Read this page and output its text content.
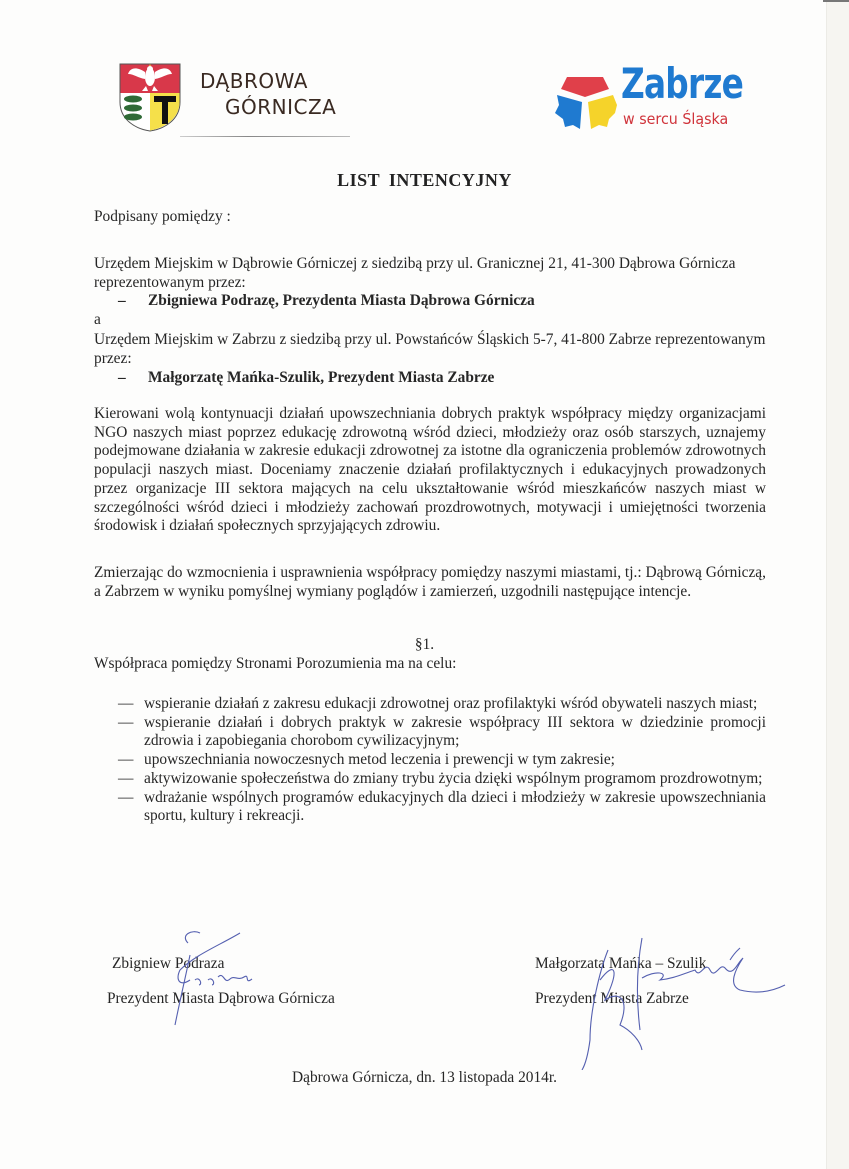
DĄBROWA
GÓRNICZA	Zabrze
w sercu Śląska
LIST INTENCYJNY
Podpisany pomiędzy :
Urzędem Miejskim w Dąbrowie Górniczej z siedzibą przy ul. Granicznej 21, 41-300 Dąbrowa Górnicza reprezentowanym przez:
– Zbigniewa Podrazę, Prezydenta Miasta Dąbrowa Górnicza
a
Urzędem Miejskim w Zabrzu z siedzibą przy ul. Powstańców Śląskich 5-7, 41-800 Zabrze reprezentowanym przez:
– Małgorzatę Mańka-Szulik, Prezydent Miasta Zabrze
Kierowani wolą kontynuacji działań upowszechniania dobrych praktyk współpracy między organizacjami NGO naszych miast poprzez edukację zdrowotną wśród dzieci, młodzieży oraz osób starszych, uznajemy podejmowane działania w zakresie edukacji zdrowotnej za istotne dla ograniczenia problemów zdrowotnych populacji naszych miast. Doceniamy znaczenie działań profilaktycznych i edukacyjnych prowadzonych przez organizacje III sektora mających na celu ukształtowanie wśród mieszkańców naszych miast w szczególności wśród dzieci i młodzieży zachowań prozdrowotnych, motywacji i umiejętności tworzenia środowisk i działań społecznych sprzyjających zdrowiu.
Zmierzając do wzmocnienia i usprawnienia współpracy pomiędzy naszymi miastami, tj.: Dąbrową Górniczą, a Zabrzem w wyniku pomyślnej wymiany poglądów i zamierzeń, uzgodnili następujące intencje.
§1.
Współpraca pomiędzy Stronami Porozumienia ma na celu:
— wspieranie działań z zakresu edukacji zdrowotnej oraz profilaktyki wśród obywateli naszych miast;
— wspieranie działań i dobrych praktyk w zakresie współpracy III sektora w dziedzinie promocji zdrowia i zapobiegania chorobom cywilizacyjnym;
— upowszechniania nowoczesnych metod leczenia i prewencji w tym zakresie;
— aktywizowanie społeczeństwa do zmiany trybu życia dzięki wspólnym programom prozdrowotnym;
— wdrażanie wspólnych programów edukacyjnych dla dzieci i młodzieży w zakresie upowszechniania sportu, kultury i rekreacji.
Zbigniew Podraza
Prezydent Miasta Dąbrowa Górnicza
Małgorzata Mańka – Szulik
Prezydent Miasta Zabrze
Dąbrowa Górnicza, dn. 13 listopada 2014r.
